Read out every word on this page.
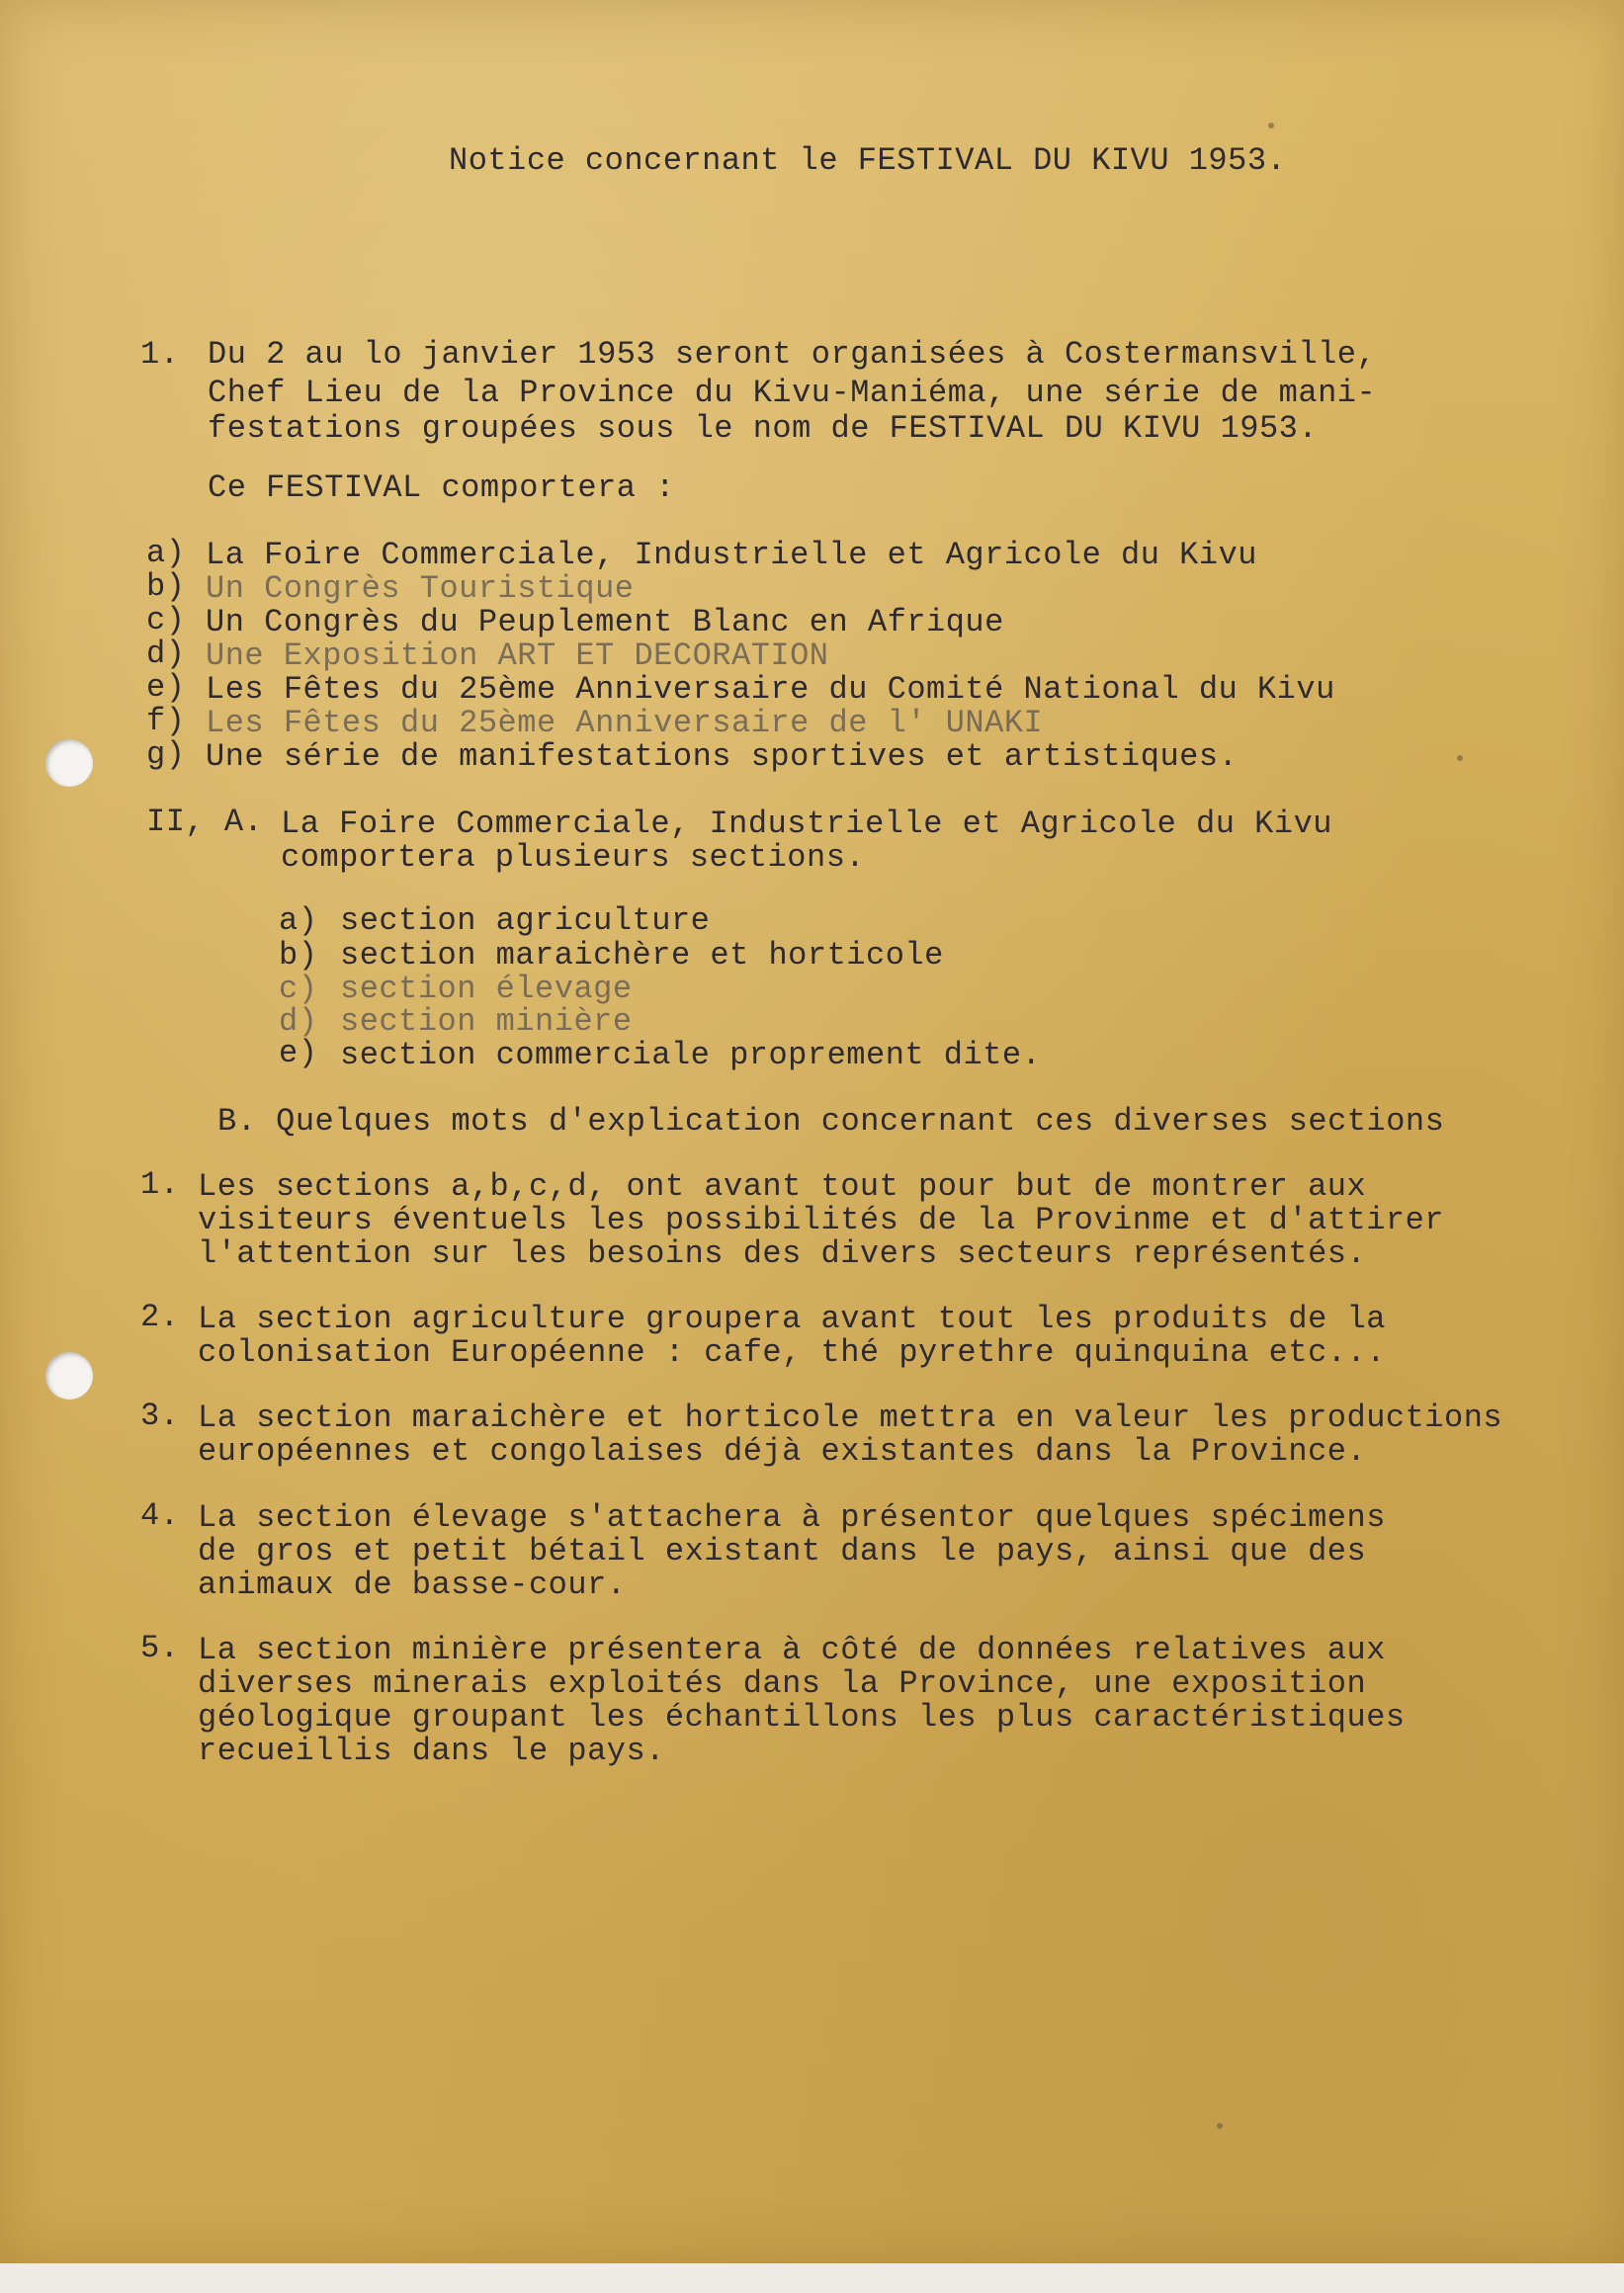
Notice concernant le FESTIVAL DU KIVU 1953.
1. Du 2 au lo janvier 1953 seront organisées à Costermansville,
Chef Lieu de la Province du Kivu-Maniéma, une série de mani-
festations groupées sous le nom de FESTIVAL DU KIVU 1953.
Ce FESTIVAL comportera :
a) La Foire Commerciale, Industrielle et Agricole du Kivu
b) Un Congrès Touristique
c) Un Congrès du Peuplement Blanc en Afrique
d) Une Exposition ART ET DECORATION
e) Les Fêtes du 25ème Anniversaire du Comité National du Kivu
f) Les Fêtes du 25ème Anniversaire de l' UNAKI
g) Une série de manifestations sportives et artistiques.
II, A. La Foire Commerciale, Industrielle et Agricole du Kivu
comportera plusieurs sections.
a) section agriculture
b) section maraichère et horticole
c) section élevage
d) section minière
e) section commerciale proprement dite.
B. Quelques mots d'explication concernant ces diverses sections
1. Les sections a,b,c,d, ont avant tout pour but de montrer aux
visiteurs éventuels les possibilités de la Provinme et d'attirer
l'attention sur les besoins des divers secteurs représentés.
2. La section agriculture groupera avant tout les produits de la
colonisation Européenne : cafe, thé pyrethre quinquina etc...
3. La section maraichère et horticole mettra en valeur les productions
européennes et congolaises déjà existantes dans la Province.
4. La section élevage s'attachera à présentor quelques spécimens
de gros et petit bétail existant dans le pays, ainsi que des
animaux de basse-cour.
5. La section minière présentera à côté de données relatives aux
diverses minerais exploités dans la Province, une exposition
géologique groupant les échantillons les plus caractéristiques
recueillis dans le pays.
